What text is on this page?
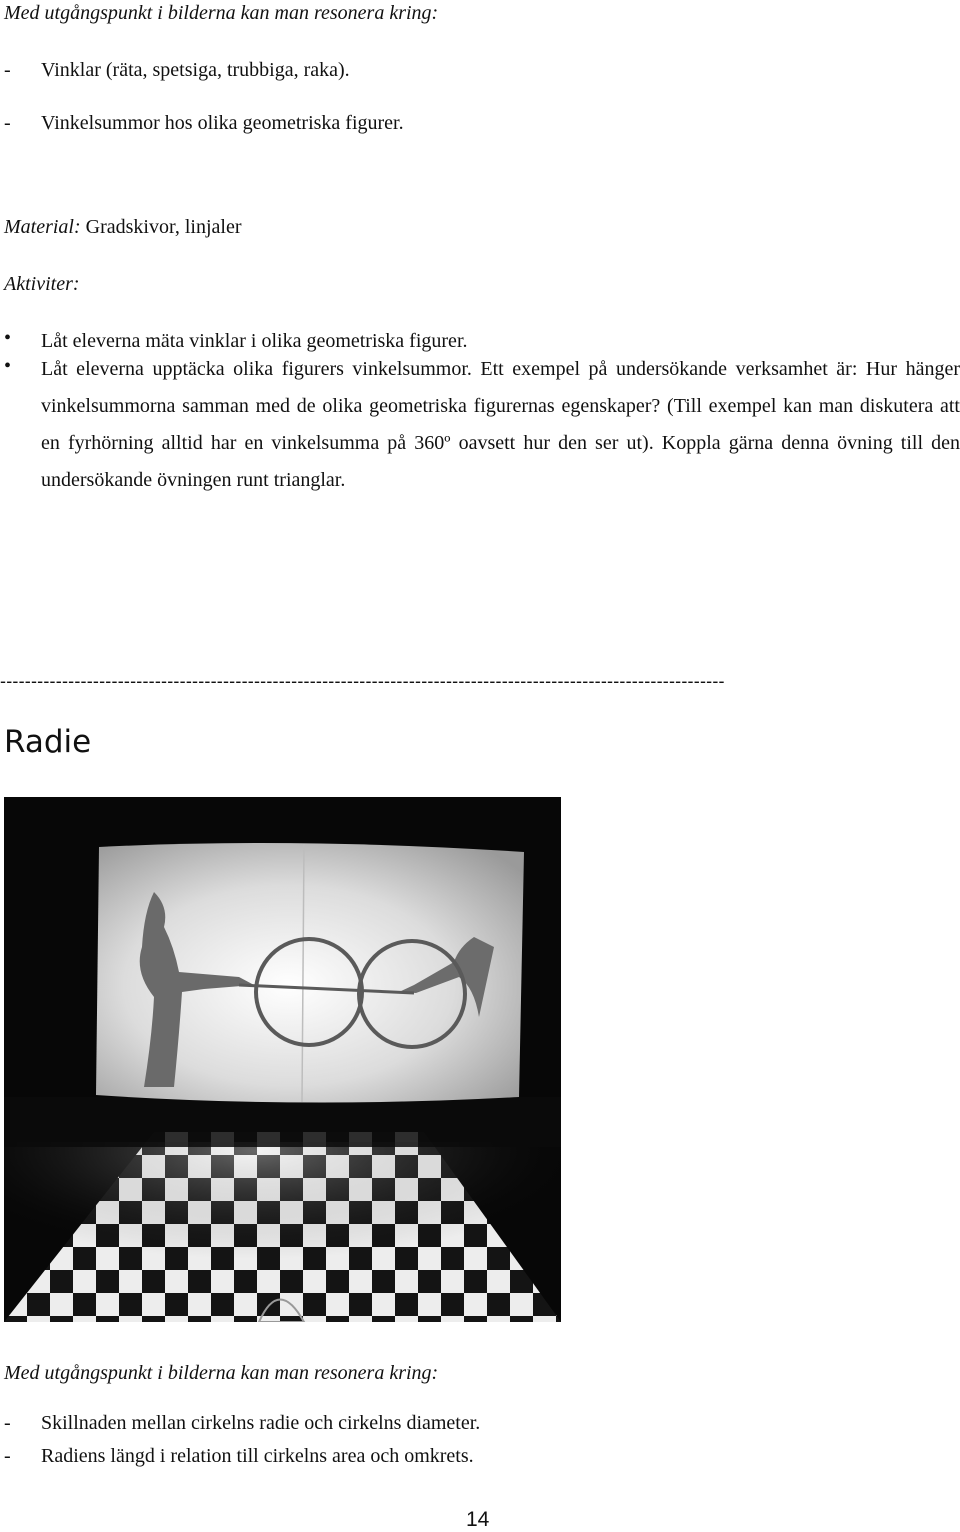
Med utgångspunkt i bilderna kan man resonera kring:
- Vinklar (räta, spetsiga, trubbiga, raka).
- Vinkelsummor hos olika geometriska figurer.
Material: Gradskivor, linjaler
Aktiviter:
• Låt eleverna mäta vinklar i olika geometriska figurer.
• Låt eleverna upptäcka olika figurers vinkelsummor. Ett exempel på undersökande verksamhet är: Hur hänger vinkelsummorna samman med de olika geometriska figurernas egenskaper? (Till exempel kan man diskutera att en fyrhörning alltid har en vinkelsumma på 360º oavsett hur den ser ut). Koppla gärna denna övning till den undersökande övningen runt trianglar.
---------------------------------------------------------------------------------------------------------------------
Radie
Med utgångspunkt i bilderna kan man resonera kring:
- Skillnaden mellan cirkelns radie och cirkelns diameter.
- Radiens längd i relation till cirkelns area och omkrets.
14
